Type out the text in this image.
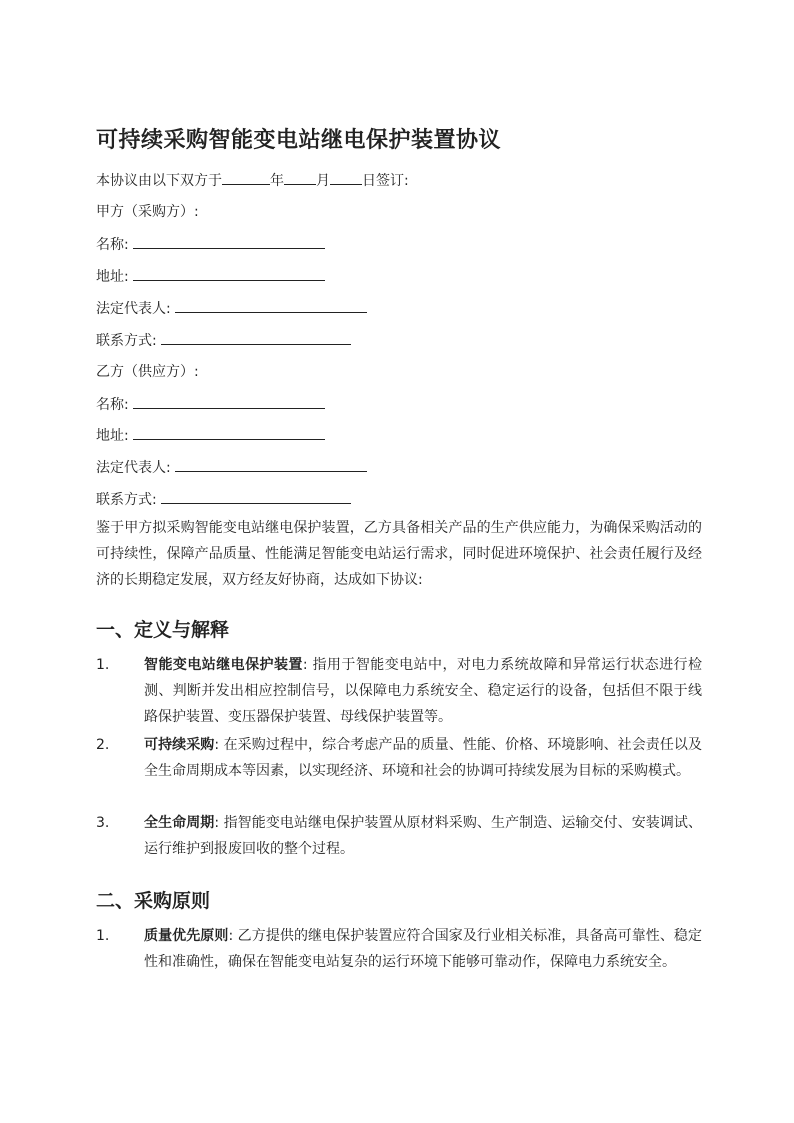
可持续采购智能变电站继电保护装置协议
本协议由以下双方于	年 月 日签订:
甲方（采购方）:
名称:
地址:
法定代表人:
联系方式:
乙方（供应方）:
名称:
地址:
法定代表人:
联系方式:
鉴于甲方拟采购智能变电站继电保护装置，乙方具备相关产品的生产供应能力，为确保采购活动的可持续性，保障产品质量、性能满足智能变电站运行需求，同时促进环境保护、社会责任履行及经济的长期稳定发展，双方经友好协商，达成如下协议:
一、定义与解释
1. 智能变电站继电保护装置: 指用于智能变电站中，对电力系统故障和异常运行状态进行检测、判断并发出相应控制信号，以保障电力系统安全、稳定运行的设备，包括但不限于线路保护装置、变压器保护装置、母线保护装置等。
2. 可持续采购: 在采购过程中，综合考虑产品的质量、性能、价格、环境影响、社会责任以及全生命周期成本等因素，以实现经济、环境和社会的协调可持续发展为目标的采购模式。
3. 全生命周期: 指智能变电站继电保护装置从原材料采购、生产制造、运输交付、安装调试、运行维护到报废回收的整个过程。
二、采购原则
1. 质量优先原则: 乙方提供的继电保护装置应符合国家及行业相关标准，具备高可靠性、稳定性和准确性，确保在智能变电站复杂的运行环境下能够可靠动作，保障电力系统安全。
